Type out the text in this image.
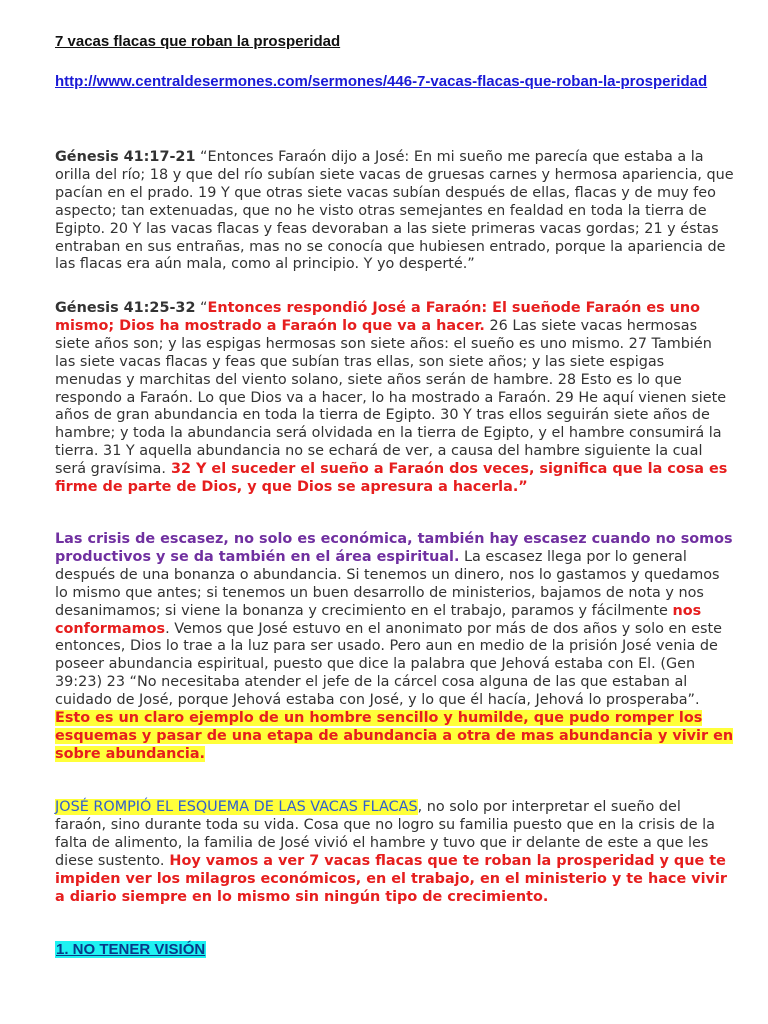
7 vacas flacas que roban la prosperidad

http://www.centraldesermones.com/sermones/446-7-vacas-flacas-que-roban-la-prosperidad

Génesis 41:17-21 “Entonces Faraón dijo a José: En mi sueño me parecía que estaba a la orilla del río; 18 y que del río subían siete vacas de gruesas carnes y hermosa apariencia, que pacían en el prado. 19 Y que otras siete vacas subían después de ellas, flacas y de muy feo aspecto; tan extenuadas, que no he visto otras semejantes en fealdad en toda la tierra de Egipto. 20 Y las vacas flacas y feas devoraban a las siete primeras vacas gordas; 21 y éstas entraban en sus entrañas, mas no se conocía que hubiesen entrado, porque la apariencia de las flacas era aún mala, como al principio. Y yo desperté.”

Génesis 41:25-32 “Entonces respondió José a Faraón: El sueñode Faraón es uno mismo; Dios ha mostrado a Faraón lo que va a hacer. 26 Las siete vacas hermosas siete años son; y las espigas hermosas son siete años: el sueño es uno mismo. 27 También las siete vacas flacas y feas que subían tras ellas, son siete años; y las siete espigas menudas y marchitas del viento solano, siete años serán de hambre. 28 Esto es lo que respondo a Faraón. Lo que Dios va a hacer, lo ha mostrado a Faraón. 29 He aquí vienen siete años de gran abundancia en toda la tierra de Egipto. 30 Y tras ellos seguirán siete años de hambre; y toda la abundancia será olvidada en la tierra de Egipto, y el hambre consumirá la tierra. 31 Y aquella abundancia no se echará de ver, a causa del hambre siguiente la cual será gravísima. 32 Y el suceder el sueño a Faraón dos veces, significa que la cosa es firme de parte de Dios, y que Dios se apresura a hacerla.”

Las crisis de escasez, no solo es económica, también hay escasez cuando no somos productivos y se da también en el área espiritual. La escasez llega por lo general después de una bonanza o abundancia. Si tenemos un dinero, nos lo gastamos y quedamos lo mismo que antes; si tenemos un buen desarrollo de ministerios, bajamos de nota y nos desanimamos; si viene la bonanza y crecimiento en el trabajo, paramos y fácilmente nos conformamos. Vemos que José estuvo en el anonimato por más de dos años y solo en este entonces, Dios lo trae a la luz para ser usado. Pero aun en medio de la prisión José venia de poseer abundancia espiritual, puesto que dice la palabra que Jehová estaba con El. (Gen 39:23) 23 “No necesitaba atender el jefe de la cárcel cosa alguna de las que estaban al cuidado de José, porque Jehová estaba con José, y lo que él hacía, Jehová lo prosperaba”. Esto es un claro ejemplo de un hombre sencillo y humilde, que pudo romper los esquemas y pasar de una etapa de abundancia a otra de mas abundancia y vivir en sobre abundancia.

JOSÉ ROMPIÓ EL ESQUEMA DE LAS VACAS FLACAS, no solo por interpretar el sueño del faraón, sino durante toda su vida. Cosa que no logro su familia puesto que en la crisis de la falta de alimento, la familia de José vivió el hambre y tuvo que ir delante de este a que les diese sustento. Hoy vamos a ver 7 vacas flacas que te roban la prosperidad y que te impiden ver los milagros económicos, en el trabajo, en el ministerio y te hace vivir a diario siempre en lo mismo sin ningún tipo de crecimiento.

1. NO TENER VISIÓN
